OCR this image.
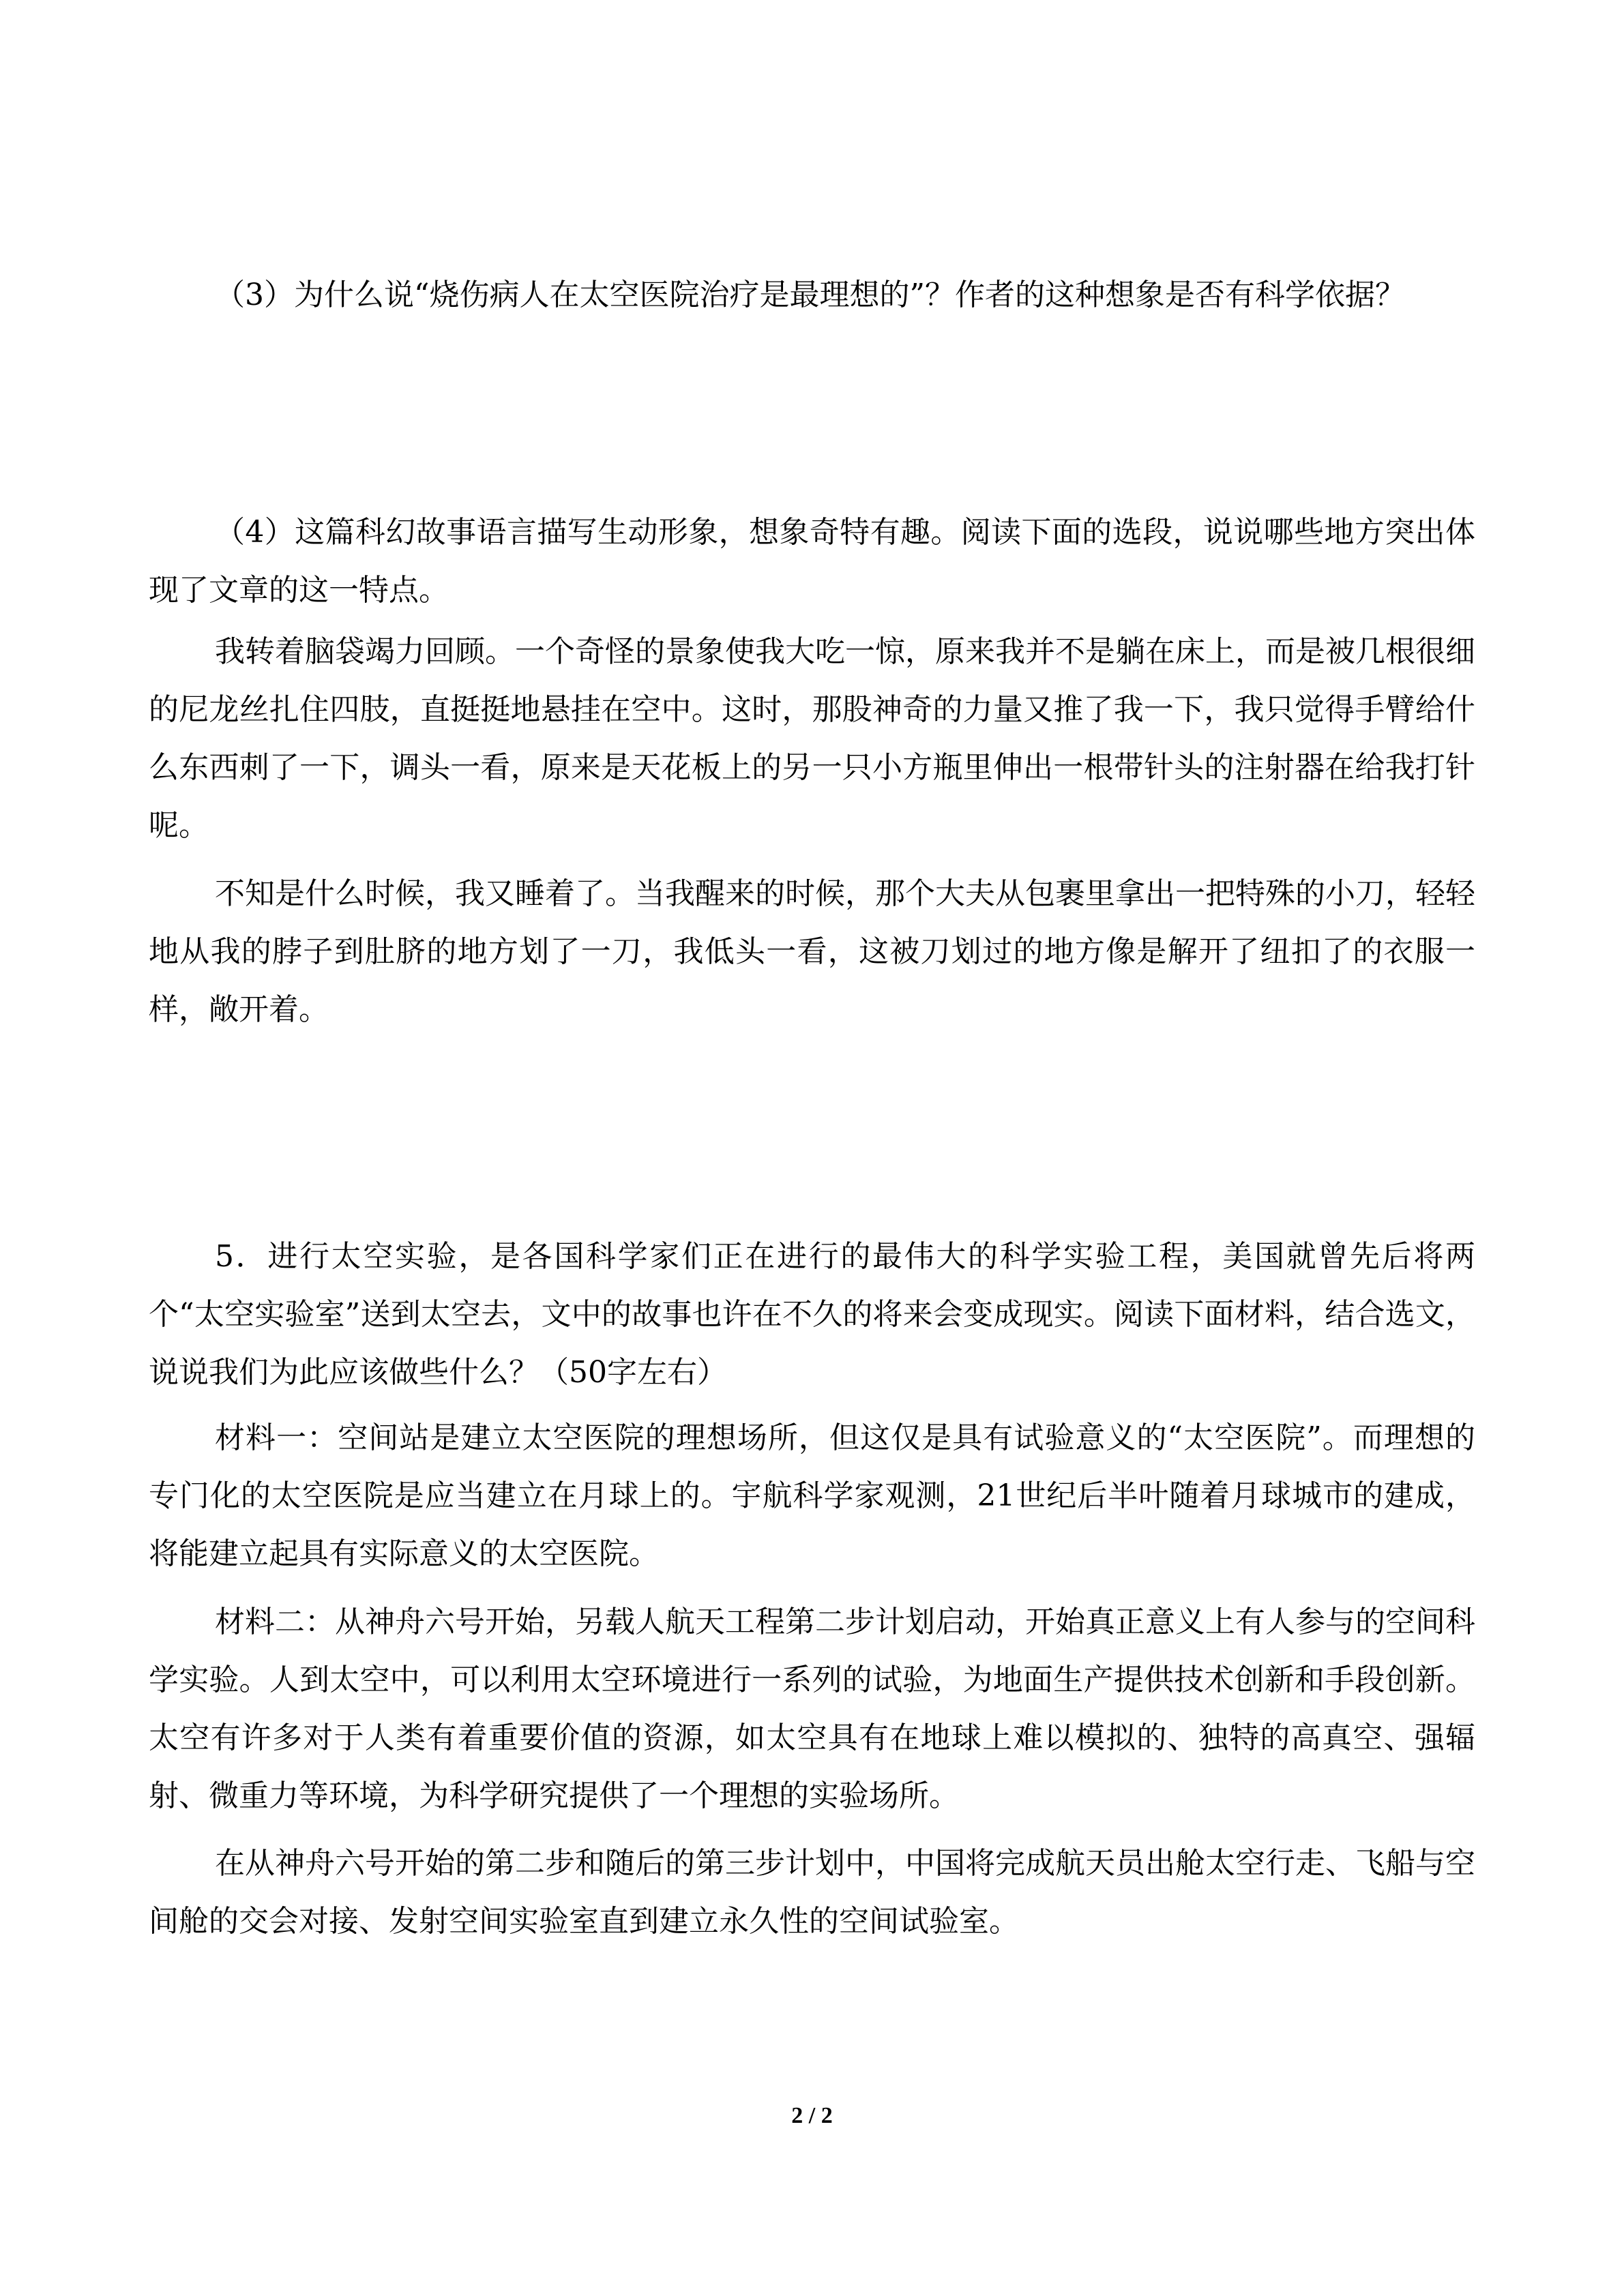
（3）为什么说“烧伤病人在太空医院治疗是最理想的”？作者的这种想象是否有科学依据？

（4）这篇科幻故事语言描写生动形象，想象奇特有趣。阅读下面的选段，说说哪些地方突出体现了文章的这一特点。

我转着脑袋竭力回顾。一个奇怪的景象使我大吃一惊，原来我并不是躺在床上，而是被几根很细的尼龙丝扎住四肢，直挺挺地悬挂在空中。这时，那股神奇的力量又推了我一下，我只觉得手臂给什么东西刺了一下，调头一看，原来是天花板上的另一只小方瓶里伸出一根带针头的注射器在给我打针呢。

不知是什么时候，我又睡着了。当我醒来的时候，那个大夫从包裹里拿出一把特殊的小刀，轻轻地从我的脖子到肚脐的地方划了一刀，我低头一看，这被刀划过的地方像是解开了纽扣了的衣服一样，敞开着。

5．进行太空实验，是各国科学家们正在进行的最伟大的科学实验工程，美国就曾先后将两个“太空实验室”送到太空去，文中的故事也许在不久的将来会变成现实。阅读下面材料，结合选文，说说我们为此应该做些什么？（50字左右）

材料一：空间站是建立太空医院的理想场所，但这仅是具有试验意义的“太空医院”。而理想的专门化的太空医院是应当建立在月球上的。宇航科学家观测，21世纪后半叶随着月球城市的建成，将能建立起具有实际意义的太空医院。

材料二：从神舟六号开始，另载人航天工程第二步计划启动，开始真正意义上有人参与的空间科学实验。人到太空中，可以利用太空环境进行一系列的试验，为地面生产提供技术创新和手段创新。太空有许多对于人类有着重要价值的资源，如太空具有在地球上难以模拟的、独特的高真空、强辐射、微重力等环境，为科学研究提供了一个理想的实验场所。

在从神舟六号开始的第二步和随后的第三步计划中，中国将完成航天员出舱太空行走、飞船与空间舱的交会对接、发射空间实验室直到建立永久性的空间试验室。

2 / 2
